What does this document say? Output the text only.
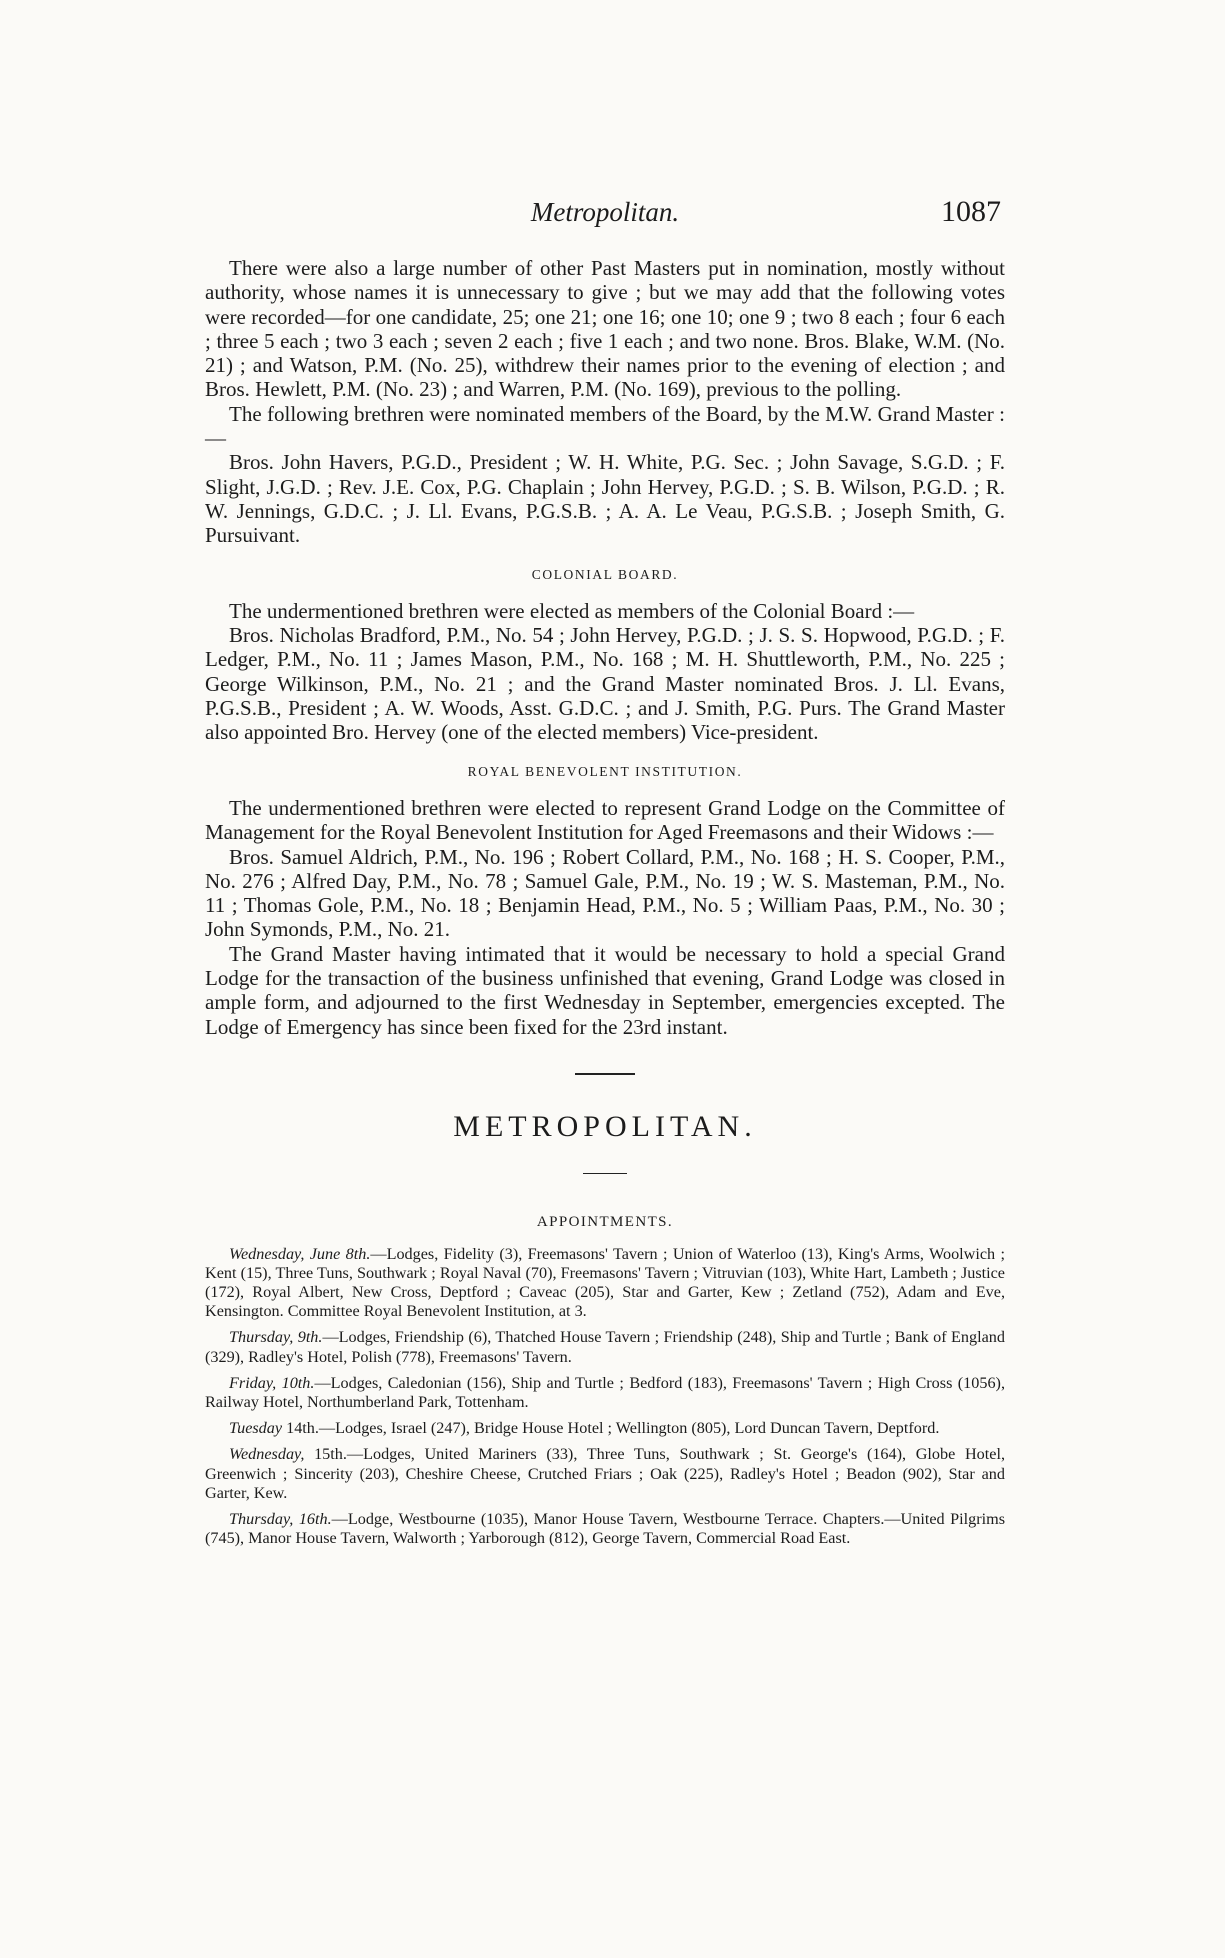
Metropolitan.	1087

There were also a large number of other Past Masters put in nomination, mostly without authority, whose names it is unnecessary to give ; but we may add that the following votes were recorded—for one candidate, 25; one 21; one 16; one 10; one 9 ; two 8 each ; four 6 each ; three 5 each ; two 3 each ; seven 2 each ; five 1 each ; and two none. Bros. Blake, W.M. (No. 21) ; and Watson, P.M. (No. 25), withdrew their names prior to the evening of election ; and Bros. Hewlett, P.M. (No. 23) ; and Warren, P.M. (No. 169), previous to the polling.

The following brethren were nominated members of the Board, by the M.W. Grand Master :—

Bros. John Havers, P.G.D., President ; W. H. White, P.G. Sec. ; John Savage, S.G.D. ; F. Slight, J.G.D. ; Rev. J.E. Cox, P.G. Chaplain ; John Hervey, P.G.D. ; S. B. Wilson, P.G.D. ; R. W. Jennings, G.D.C. ; J. Ll. Evans, P.G.S.B. ; A. A. Le Veau, P.G.S.B. ; Joseph Smith, G. Pursuivant.

COLONIAL BOARD.

The undermentioned brethren were elected as members of the Colonial Board :—

Bros. Nicholas Bradford, P.M., No. 54 ; John Hervey, P.G.D. ; J. S. S. Hopwood, P.G.D. ; F. Ledger, P.M., No. 11 ; James Mason, P.M., No. 168 ; M. H. Shuttleworth, P.M., No. 225 ; George Wilkinson, P.M., No. 21 ; and the Grand Master nominated Bros. J. Ll. Evans, P.G.S.B., President ; A. W. Woods, Asst. G.D.C. ; and J. Smith, P.G. Purs. The Grand Master also appointed Bro. Hervey (one of the elected members) Vice-president.

ROYAL BENEVOLENT INSTITUTION.

The undermentioned brethren were elected to represent Grand Lodge on the Committee of Management for the Royal Benevolent Institution for Aged Freemasons and their Widows :—

Bros. Samuel Aldrich, P.M., No. 196 ; Robert Collard, P.M., No. 168 ; H. S. Cooper, P.M., No. 276 ; Alfred Day, P.M., No. 78 ; Samuel Gale, P.M., No. 19 ; W. S. Masteman, P.M., No. 11 ; Thomas Gole, P.M., No. 18 ; Benjamin Head, P.M., No. 5 ; William Paas, P.M., No. 30 ; John Symonds, P.M., No. 21.

The Grand Master having intimated that it would be necessary to hold a special Grand Lodge for the transaction of the business unfinished that evening, Grand Lodge was closed in ample form, and adjourned to the first Wednesday in September, emergencies excepted. The Lodge of Emergency has since been fixed for the 23rd instant.

METROPOLITAN.
APPOINTMENTS.

Wednesday, June 8th.—Lodges, Fidelity (3), Freemasons' Tavern ; Union of Waterloo (13), King's Arms, Woolwich ; Kent (15), Three Tuns, Southwark ; Royal Naval (70), Freemasons' Tavern ; Vitruvian (103), White Hart, Lambeth ; Justice (172), Royal Albert, New Cross, Deptford ; Caveac (205), Star and Garter, Kew ; Zetland (752), Adam and Eve, Kensington. Committee Royal Benevolent Institution, at 3.

Thursday, 9th.—Lodges, Friendship (6), Thatched House Tavern ; Friendship (248), Ship and Turtle ; Bank of England (329), Radley's Hotel, Polish (778), Freemasons' Tavern.

Friday, 10th.—Lodges, Caledonian (156), Ship and Turtle ; Bedford (183), Freemasons' Tavern ; High Cross (1056), Railway Hotel, Northumberland Park, Tottenham.

Tuesday 14th.—Lodges, Israel (247), Bridge House Hotel ; Wellington (805), Lord Duncan Tavern, Deptford.

Wednesday, 15th.—Lodges, United Mariners (33), Three Tuns, Southwark ; St. George's (164), Globe Hotel, Greenwich ; Sincerity (203), Cheshire Cheese, Crutched Friars ; Oak (225), Radley's Hotel ; Beadon (902), Star and Garter, Kew.

Thursday, 16th.—Lodge, Westbourne (1035), Manor House Tavern, Westbourne Terrace. Chapters.—United Pilgrims (745), Manor House Tavern, Walworth ; Yarborough (812), George Tavern, Commercial Road East.
